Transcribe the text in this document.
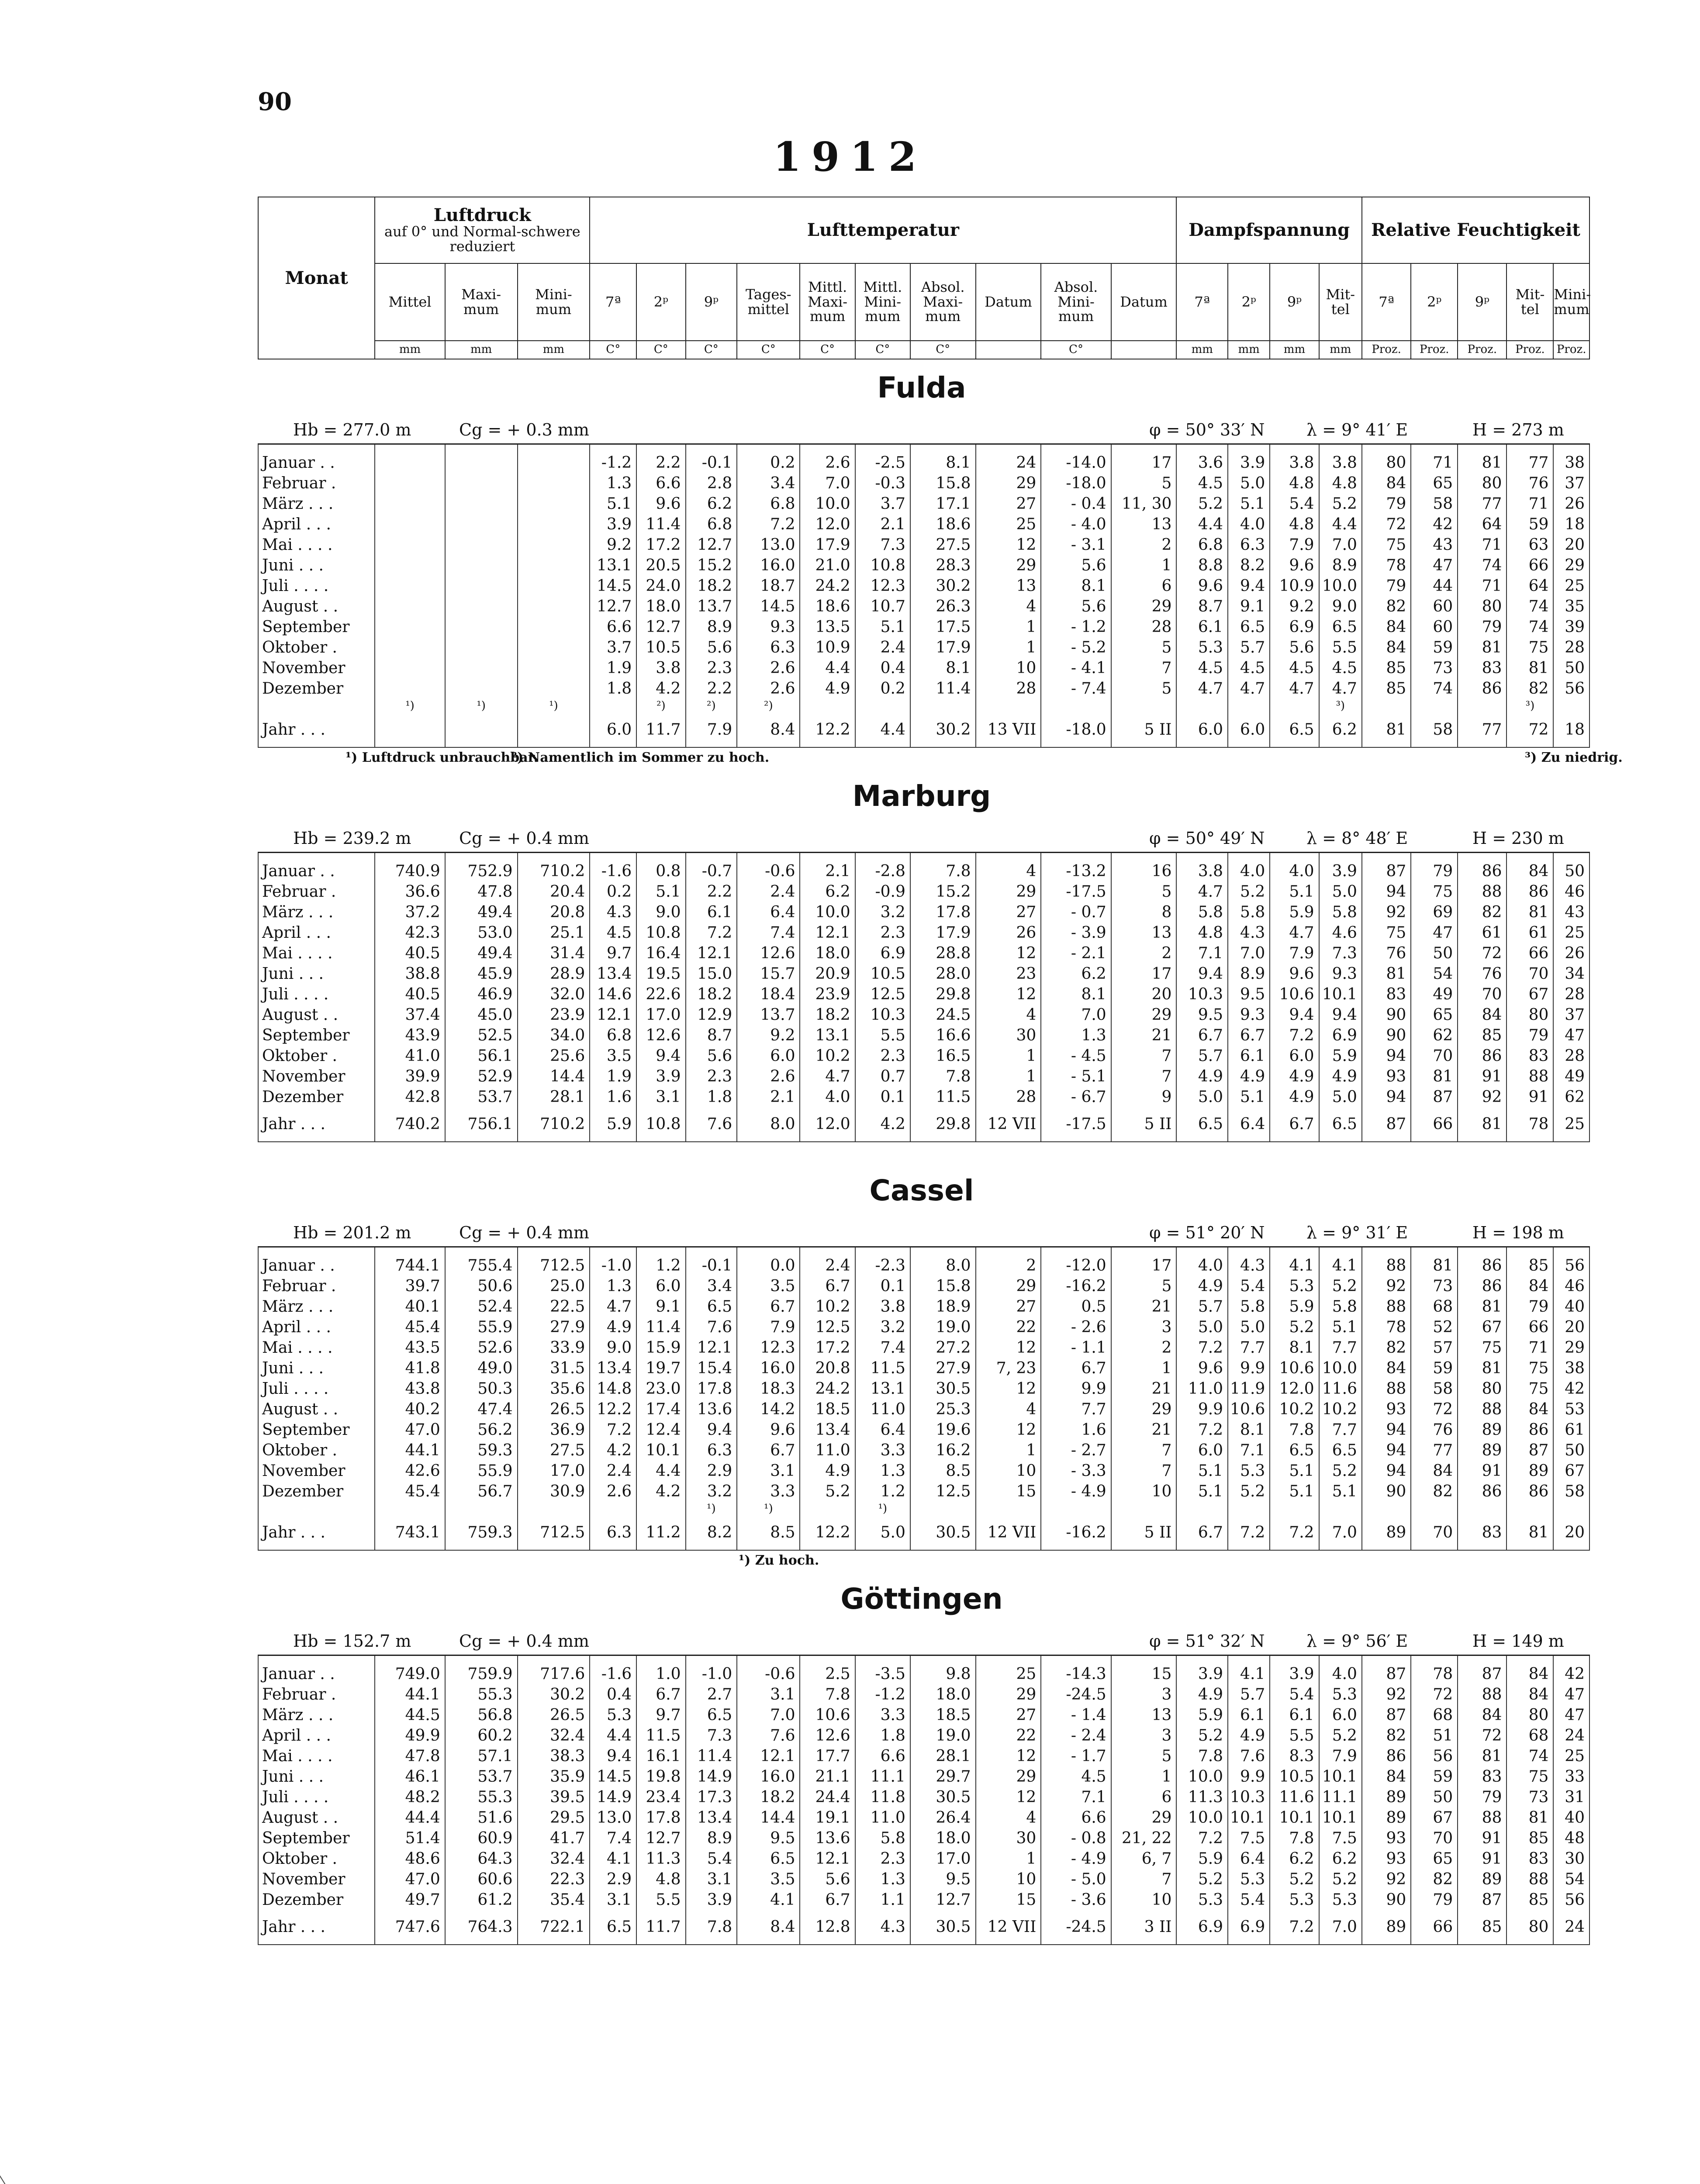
90
1912
Monat	Luftdruck
auf 0° und Normal-schwere reduziert			Lufttemperatur										Dampfspannung				Relative Feuchtigkeit				
	Mittel	Maxi-mum	Mini-mum	7ª	2ᵖ	9ᵖ	Tages-mittel	Mittl. Maxi-mum	Mittl. Mini-mum	Absol. Maxi-mum	Datum	Absol. Mini-mum	Datum	7ª	2ᵖ	9ᵖ	Mit-tel	7ª	2ᵖ	9ᵖ	Mit-tel	Mini-mum
	mm	mm	mm	C°	C°	C°	C°	C°	C°	C°		C°		mm	mm	mm	mm	Proz.	Proz.	Proz.	Proz.	Proz.
Fulda																						

Hb = 277.0 m Cg = + 0.3 mm φ = 50° 33′ N λ = 9° 41′ E H = 273 m																						

Januar . .				-1.2	2.2	-0.1	0.2	2.6	-2.5	8.1	24	-14.0	17	3.6	3.9	3.8	3.8	80	71	81	77	38
Februar .				1.3	6.6	2.8	3.4	7.0	-0.3	15.8	29	-18.0	5	4.5	5.0	4.8	4.8	84	65	80	76	37
März . . .				5.1	9.6	6.2	6.8	10.0	3.7	17.1	27	- 0.4	11, 30	5.2	5.1	5.4	5.2	79	58	77	71	26
April . . .				3.9	11.4	6.8	7.2	12.0	2.1	18.6	25	- 4.0	13	4.4	4.0	4.8	4.4	72	42	64	59	18
Mai . . . .				9.2	17.2	12.7	13.0	17.9	7.3	27.5	12	- 3.1	2	6.8	6.3	7.9	7.0	75	43	71	63	20
Juni . . .				13.1	20.5	15.2	16.0	21.0	10.8	28.3	29	5.6	1	8.8	8.2	9.6	8.9	78	47	74	66	29
Juli . . . .				14.5	24.0	18.2	18.7	24.2	12.3	30.2	13	8.1	6	9.6	9.4	10.9	10.0	79	44	71	64	25
August . .				12.7	18.0	13.7	14.5	18.6	10.7	26.3	4	5.6	29	8.7	9.1	9.2	9.0	82	60	80	74	35
September				6.6	12.7	8.9	9.3	13.5	5.1	17.5	1	- 1.2	28	6.1	6.5	6.9	6.5	84	60	79	74	39
Oktober .				3.7	10.5	5.6	6.3	10.9	2.4	17.9	1	- 5.2	5	5.3	5.7	5.6	5.5	84	59	81	75	28
November				1.9	3.8	2.3	2.6	4.4	0.4	8.1	10	- 4.1	7	4.5	4.5	4.5	4.5	85	73	83	81	50
Dezember				1.8	4.2	2.2	2.6	4.9	0.2	11.4	28	- 7.4	5	4.7	4.7	4.7	4.7	85	74	86	82	56
	¹)	¹)	¹)		²)	²)	²)										³)				³)	
Jahr . . .				6.0	11.7	7.9	8.4	12.2	4.4	30.2	13 VII	-18.0	5 II	6.0	6.0	6.5	6.2	81	58	77	72	18

¹) Luftdruck unbrauchbar.
²) Namentlich im Sommer zu hoch. ³) Zu niedrig.																						

Marburg																						

Hb = 239.2 m Cg = + 0.4 mm φ = 50° 49′ N λ = 8° 48′ E H = 230 m																						

Januar . .	740.9	752.9	710.2	-1.6	0.8	-0.7	-0.6	2.1	-2.8	7.8	4	-13.2	16	3.8	4.0	4.0	3.9	87	79	86	84	50
Februar .	36.6	47.8	20.4	0.2	5.1	2.2	2.4	6.2	-0.9	15.2	29	-17.5	5	4.7	5.2	5.1	5.0	94	75	88	86	46
März . . .	37.2	49.4	20.8	4.3	9.0	6.1	6.4	10.0	3.2	17.8	27	- 0.7	8	5.8	5.8	5.9	5.8	92	69	82	81	43
April . . .	42.3	53.0	25.1	4.5	10.8	7.2	7.4	12.1	2.3	17.9	26	- 3.9	13	4.8	4.3	4.7	4.6	75	47	61	61	25
Mai . . . .	40.5	49.4	31.4	9.7	16.4	12.1	12.6	18.0	6.9	28.8	12	- 2.1	2	7.1	7.0	7.9	7.3	76	50	72	66	26
Juni . . .	38.8	45.9	28.9	13.4	19.5	15.0	15.7	20.9	10.5	28.0	23	6.2	17	9.4	8.9	9.6	9.3	81	54	76	70	34
Juli . . . .	40.5	46.9	32.0	14.6	22.6	18.2	18.4	23.9	12.5	29.8	12	8.1	20	10.3	9.5	10.6	10.1	83	49	70	67	28
August . .	37.4	45.0	23.9	12.1	17.0	12.9	13.7	18.2	10.3	24.5	4	7.0	29	9.5	9.3	9.4	9.4	90	65	84	80	37
September	43.9	52.5	34.0	6.8	12.6	8.7	9.2	13.1	5.5	16.6	30	1.3	21	6.7	6.7	7.2	6.9	90	62	85	79	47
Oktober .	41.0	56.1	25.6	3.5	9.4	5.6	6.0	10.2	2.3	16.5	1	- 4.5	7	5.7	6.1	6.0	5.9	94	70	86	83	28
November	39.9	52.9	14.4	1.9	3.9	2.3	2.6	4.7	0.7	7.8	1	- 5.1	7	4.9	4.9	4.9	4.9	93	81	91	88	49
Dezember	42.8	53.7	28.1	1.6	3.1	1.8	2.1	4.0	0.1	11.5	28	- 6.7	9	5.0	5.1	4.9	5.0	94	87	92	91	62
Jahr . . .	740.2	756.1	710.2	5.9	10.8	7.6	8.0	12.0	4.2	29.8	12 VII	-17.5	5 II	6.5	6.4	6.7	6.5	87	66	81	78	25

Cassel																						

Hb = 201.2 m Cg = + 0.4 mm φ = 51° 20′ N λ = 9° 31′ E H = 198 m																						

Januar . .	744.1	755.4	712.5	-1.0	1.2	-0.1	0.0	2.4	-2.3	8.0	2	-12.0	17	4.0	4.3	4.1	4.1	88	81	86	85	56
Februar .	39.7	50.6	25.0	1.3	6.0	3.4	3.5	6.7	0.1	15.8	29	-16.2	5	4.9	5.4	5.3	5.2	92	73	86	84	46
März . . .	40.1	52.4	22.5	4.7	9.1	6.5	6.7	10.2	3.8	18.9	27	0.5	21	5.7	5.8	5.9	5.8	88	68	81	79	40
April . . .	45.4	55.9	27.9	4.9	11.4	7.6	7.9	12.5	3.2	19.0	22	- 2.6	3	5.0	5.0	5.2	5.1	78	52	67	66	20
Mai . . . .	43.5	52.6	33.9	9.0	15.9	12.1	12.3	17.2	7.4	27.2	12	- 1.1	2	7.2	7.7	8.1	7.7	82	57	75	71	29
Juni . . .	41.8	49.0	31.5	13.4	19.7	15.4	16.0	20.8	11.5	27.9	7, 23	6.7	1	9.6	9.9	10.6	10.0	84	59	81	75	38
Juli . . . .	43.8	50.3	35.6	14.8	23.0	17.8	18.3	24.2	13.1	30.5	12	9.9	21	11.0	11.9	12.0	11.6	88	58	80	75	42
August . .	40.2	47.4	26.5	12.2	17.4	13.6	14.2	18.5	11.0	25.3	4	7.7	29	9.9	10.6	10.2	10.2	93	72	88	84	53
September	47.0	56.2	36.9	7.2	12.4	9.4	9.6	13.4	6.4	19.6	12	1.6	21	7.2	8.1	7.8	7.7	94	76	89	86	61
Oktober .	44.1	59.3	27.5	4.2	10.1	6.3	6.7	11.0	3.3	16.2	1	- 2.7	7	6.0	7.1	6.5	6.5	94	77	89	87	50
November	42.6	55.9	17.0	2.4	4.4	2.9	3.1	4.9	1.3	8.5	10	- 3.3	7	5.1	5.3	5.1	5.2	94	84	91	89	67
Dezember	45.4	56.7	30.9	2.6	4.2	3.2	3.3	5.2	1.2	12.5	15	- 4.9	10	5.1	5.2	5.1	5.1	90	82	86	86	58
						¹)	¹)		¹)													
Jahr . . .	743.1	759.3	712.5	6.3	11.2	8.2	8.5	12.2	5.0	30.5	12 VII	-16.2	5 II	6.7	7.2	7.2	7.0	89	70	83	81	20

¹) Zu hoch.																						

Göttingen																						

Hb = 152.7 m Cg = + 0.4 mm φ = 51° 32′ N λ = 9° 56′ E H = 149 m																						

Januar . .	749.0	759.9	717.6	-1.6	1.0	-1.0	-0.6	2.5	-3.5	9.8	25	-14.3	15	3.9	4.1	3.9	4.0	87	78	87	84	42
Februar .	44.1	55.3	30.2	0.4	6.7	2.7	3.1	7.8	-1.2	18.0	29	-24.5	3	4.9	5.7	5.4	5.3	92	72	88	84	47
März . . .	44.5	56.8	26.5	5.3	9.7	6.5	7.0	10.6	3.3	18.5	27	- 1.4	13	5.9	6.1	6.1	6.0	87	68	84	80	47
April . . .	49.9	60.2	32.4	4.4	11.5	7.3	7.6	12.6	1.8	19.0	22	- 2.4	3	5.2	4.9	5.5	5.2	82	51	72	68	24
Mai . . . .	47.8	57.1	38.3	9.4	16.1	11.4	12.1	17.7	6.6	28.1	12	- 1.7	5	7.8	7.6	8.3	7.9	86	56	81	74	25
Juni . . .	46.1	53.7	35.9	14.5	19.8	14.9	16.0	21.1	11.1	29.7	29	4.5	1	10.0	9.9	10.5	10.1	84	59	83	75	33
Juli . . . .	48.2	55.3	39.5	14.9	23.4	17.3	18.2	24.4	11.8	30.5	12	7.1	6	11.3	10.3	11.6	11.1	89	50	79	73	31
August . .	44.4	51.6	29.5	13.0	17.8	13.4	14.4	19.1	11.0	26.4	4	6.6	29	10.0	10.1	10.1	10.1	89	67	88	81	40
September	51.4	60.9	41.7	7.4	12.7	8.9	9.5	13.6	5.8	18.0	30	- 0.8	21, 22	7.2	7.5	7.8	7.5	93	70	91	85	48
Oktober .	48.6	64.3	32.4	4.1	11.3	5.4	6.5	12.1	2.3	17.0	1	- 4.9	6, 7	5.9	6.4	6.2	6.2	93	65	91	83	30
November	47.0	60.6	22.3	2.9	4.8	3.1	3.5	5.6	1.3	9.5	10	- 5.0	7	5.2	5.3	5.2	5.2	92	82	89	88	54
Dezember	49.7	61.2	35.4	3.1	5.5	3.9	4.1	6.7	1.1	12.7	15	- 3.6	10	5.3	5.4	5.3	5.3	90	79	87	85	56
Jahr . . .	747.6	764.3	722.1	6.5	11.7	7.8	8.4	12.8	4.3	30.5	12 VII	-24.5	3 II	6.9	6.9	7.2	7.0	89	66	85	80	24
